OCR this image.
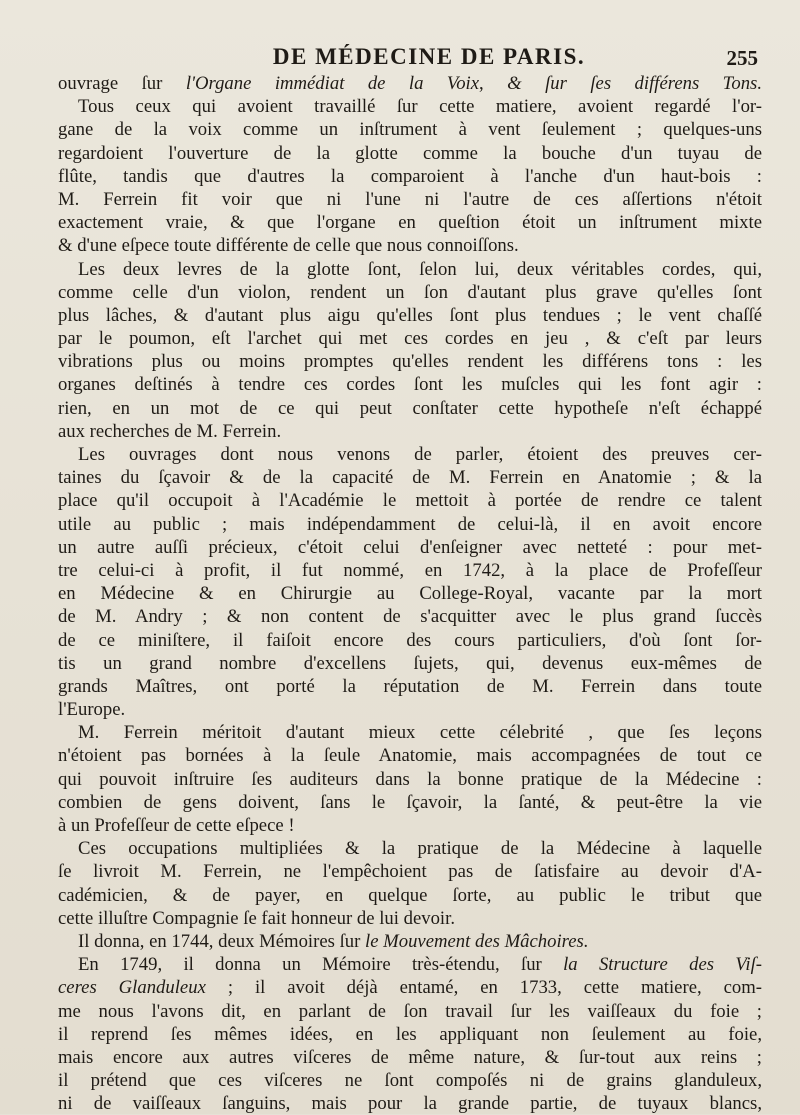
DE MÉDECINE DE PARIS.	255
ouvrage ſur l'Organe immédiat de la Voix, & ſur ſes différens Tons.
Tous ceux qui avoient travaillé ſur cette matiere, avoient regardé l'or-
gane de la voix comme un inſtrument à vent ſeulement ; quelques-uns
regardoient l'ouverture de la glotte comme la bouche d'un tuyau de
flûte, tandis que d'autres la comparoient à l'anche d'un haut-bois :
M. Ferrein fit voir que ni l'une ni l'autre de ces aſſertions n'étoit
exactement vraie, & que l'organe en queſtion étoit un inſtrument mixte
& d'une eſpece toute différente de celle que nous connoiſſons.
Les deux levres de la glotte ſont, ſelon lui, deux véritables cordes, qui,
comme celle d'un violon, rendent un ſon d'autant plus grave qu'elles ſont
plus lâches, & d'autant plus aigu qu'elles ſont plus tendues ; le vent chaſſé
par le poumon, eſt l'archet qui met ces cordes en jeu , & c'eſt par leurs
vibrations plus ou moins promptes qu'elles rendent les différens tons : les
organes deſtinés à tendre ces cordes ſont les muſcles qui les font agir :
rien, en un mot de ce qui peut conſtater cette hypotheſe n'eſt échappé
aux recherches de M. Ferrein.
Les ouvrages dont nous venons de parler, étoient des preuves cer-
taines du ſçavoir & de la capacité de M. Ferrein en Anatomie ; & la
place qu'il occupoit à l'Académie le mettoit à portée de rendre ce talent
utile au public ; mais indépendamment de celui-là, il en avoit encore
un autre auſſi précieux, c'étoit celui d'enſeigner avec netteté : pour met-
tre celui-ci à profit, il fut nommé, en 1742, à la place de Profeſſeur
en Médecine & en Chirurgie au College-Royal, vacante par la mort
de M. Andry ; & non content de s'acquitter avec le plus grand ſuccès
de ce miniſtere, il faiſoit encore des cours particuliers, d'où ſont ſor-
tis un grand nombre d'excellens ſujets, qui, devenus eux-mêmes de
grands Maîtres, ont porté la réputation de M. Ferrein dans toute
l'Europe.
M. Ferrein méritoit d'autant mieux cette célebrité , que ſes leçons
n'étoient pas bornées à la ſeule Anatomie, mais accompagnées de tout ce
qui pouvoit inſtruire ſes auditeurs dans la bonne pratique de la Médecine :
combien de gens doivent, ſans le ſçavoir, la ſanté, & peut-être la vie
à un Profeſſeur de cette eſpece !
Ces occupations multipliées & la pratique de la Médecine à laquelle
ſe livroit M. Ferrein, ne l'empêchoient pas de ſatisfaire au devoir d'A-
cadémicien, & de payer, en quelque ſorte, au public le tribut que
cette illuſtre Compagnie ſe fait honneur de lui devoir.
Il donna, en 1744, deux Mémoires ſur le Mouvement des Mâchoires.
En 1749, il donna un Mémoire très-étendu, ſur la Structure des Viſ-
ceres Glanduleux ; il avoit déjà entamé, en 1733, cette matiere, com-
me nous l'avons dit, en parlant de ſon travail ſur les vaiſſeaux du foie ;
il reprend ſes mêmes idées, en les appliquant non ſeulement au foie,
mais encore aux autres viſceres de même nature, & ſur-tout aux reins ;
il prétend que ces viſceres ne ſont compoſés ni de grains glanduleux,
ni de vaiſſeaux ſanguins, mais pour la grande partie, de tuyaux blancs,
